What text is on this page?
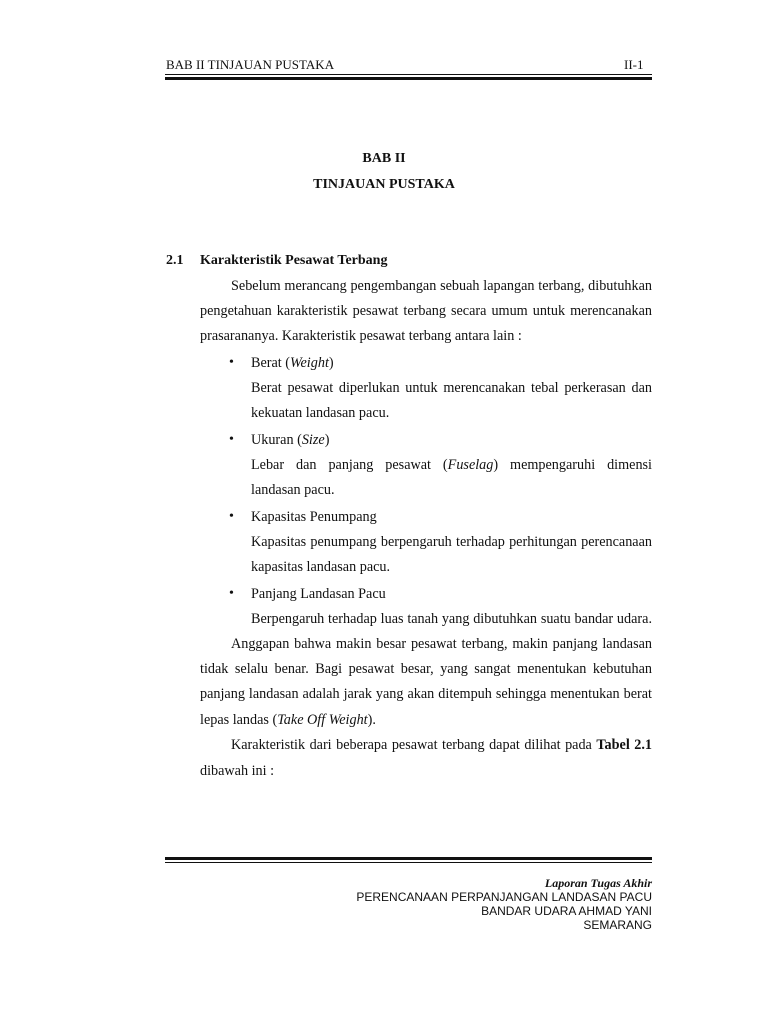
BAB II TINJAUAN PUSTAKA	II-1
BAB II
TINJAUAN PUSTAKA
2.1 Karakteristik Pesawat Terbang
Sebelum merancang pengembangan sebuah lapangan terbang, dibutuhkan
pengetahuan karakteristik pesawat terbang secara umum untuk merencanakan
prasarananya. Karakteristik pesawat terbang antara lain :
• Berat (Weight)
Berat pesawat diperlukan untuk merencanakan tebal perkerasan dan
kekuatan landasan pacu.
• Ukuran (Size)
Lebar dan panjang pesawat (Fuselag) mempengaruhi dimensi
landasan pacu.
• Kapasitas Penumpang
Kapasitas penumpang berpengaruh terhadap perhitungan perencanaan
kapasitas landasan pacu.
• Panjang Landasan Pacu
Berpengaruh terhadap luas tanah yang dibutuhkan suatu bandar udara.
Anggapan bahwa makin besar pesawat terbang, makin panjang landasan
tidak selalu benar. Bagi pesawat besar, yang sangat menentukan kebutuhan
panjang landasan adalah jarak yang akan ditempuh sehingga menentukan berat
lepas landas (Take Off Weight).
Karakteristik dari beberapa pesawat terbang dapat dilihat pada Tabel 2.1
dibawah ini :
Laporan Tugas Akhir
PERENCANAAN PERPANJANGAN LANDASAN PACU
BANDAR UDARA AHMAD YANI
SEMARANG
